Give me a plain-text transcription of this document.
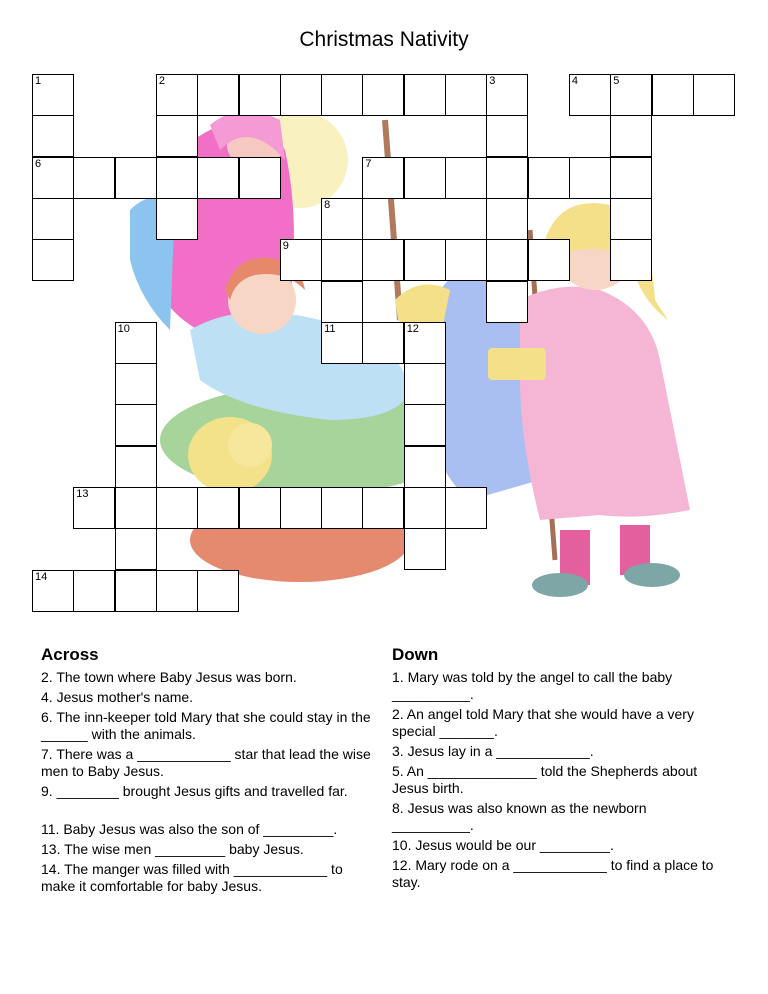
Christmas Nativity
1	2	3	4	5
6	7
8
9
10	11	12
13
14
Across
2. The town where Baby Jesus was born.
4. Jesus mother's name.
6. The inn-keeper told Mary that she could stay in the ______ with the animals.
7. There was a ____________ star that lead the wise men to Baby Jesus.
9. ________ brought Jesus gifts and travelled far.
11. Baby Jesus was also the son of _________.
13. The wise men _________ baby Jesus.
14. The manger was filled with ____________ to make it comfortable for baby Jesus.
Down
1. Mary was told by the angel to call the baby __________.
2. An angel told Mary that she would have a very special _______.
3. Jesus lay in a ____________.
5. An ______________ told the Shepherds about Jesus birth.
8. Jesus was also known as the newborn __________.
10. Jesus would be our _________.
12. Mary rode on a ____________ to find a place to stay.
